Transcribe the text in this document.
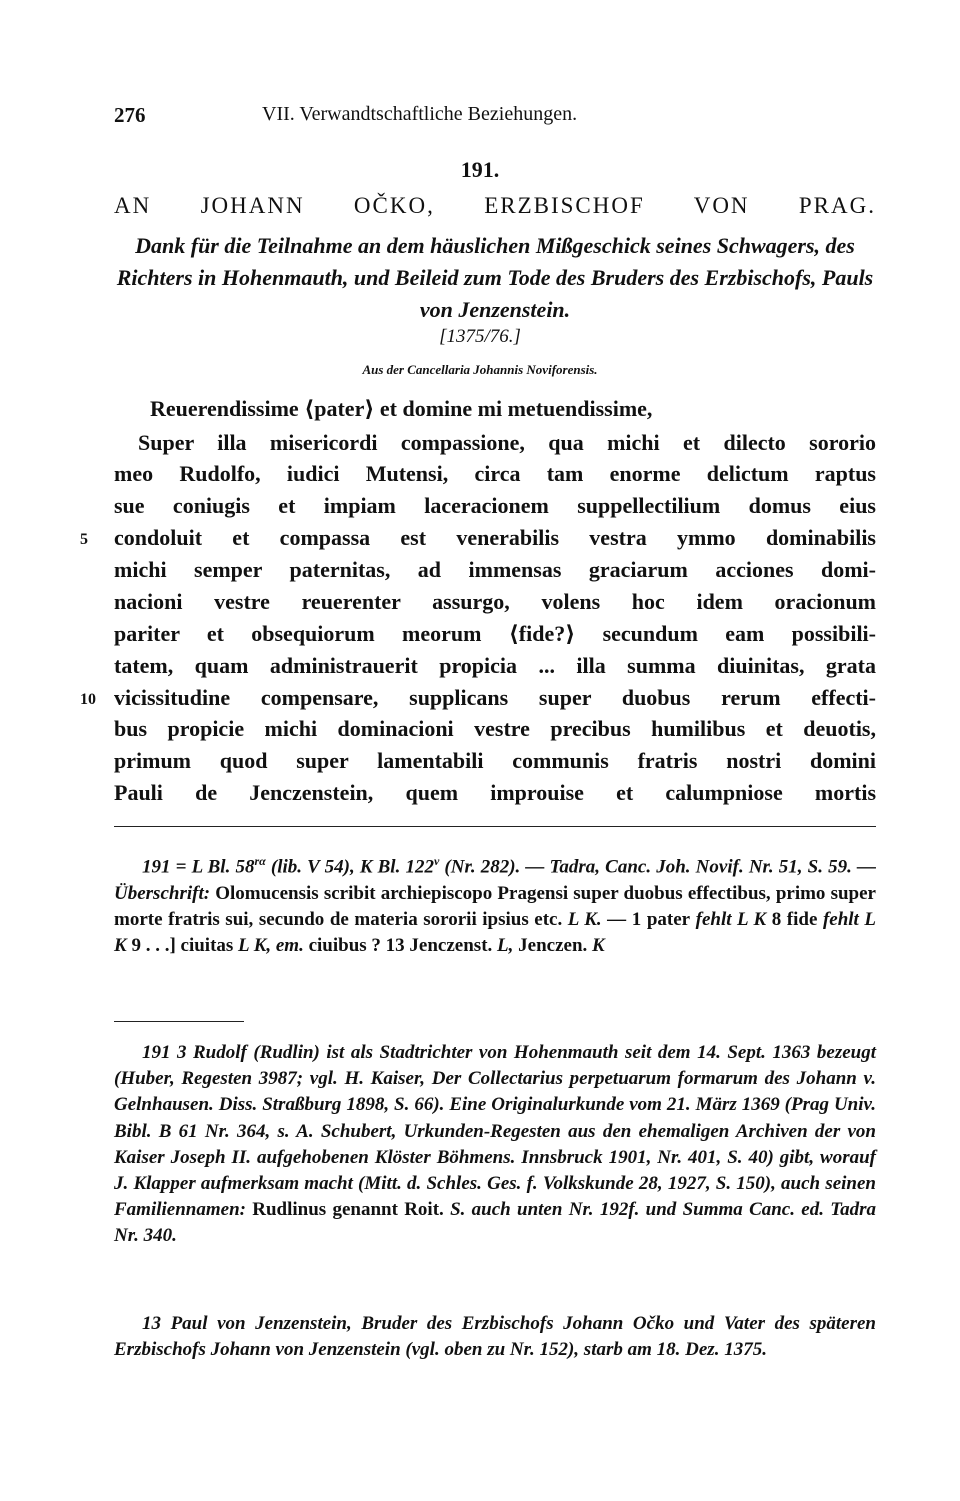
276	VII. Verwandtschaftliche Beziehungen.
191.
AN JOHANN OČKO, ERZBISCHOF VON PRAG.
Dank für die Teilnahme an dem häuslichen Mißgeschick seines Schwagers, des Richters in Hohenmauth, und Beileid zum Tode des Bruders des Erzbischofs, Pauls von Jenzenstein.
[1375/76.]
Aus der Cancellaria Johannis Noviforensis.
Reuerendissime ⟨pater⟩ et domine mi metuendissime,
Super illa misericordi compassione, qua michi et dilecto sororio
meo Rudolfo, iudici Mutensi, circa tam enorme delictum raptus
sue coniugis et impiam laceracionem suppellectilium domus eius
5 condoluit et compassa est venerabilis vestra ymmo dominabilis
michi semper paternitas, ad immensas graciarum acciones domi-
nacioni vestre reuerenter assurgo, volens hoc idem oracionum
pariter et obsequiorum meorum ⟨fide?⟩ secundum eam possibili-
tatem, quam administrauerit propicia ... illa summa diuinitas, grata
10 vicissitudine compensare, supplicans super duobus rerum effecti-
bus propicie michi dominacioni vestre precibus humilibus et deuotis,
primum quod super lamentabili communis fratris nostri domini
Pauli de Jenczenstein, quem improuise et calumpniose mortis
191 = L Bl. $58^{r\alpha}$ (lib. V 54), K Bl. 122$^v$ (Nr. 282). — Tadra, Canc. Joh. Novif. Nr. 51, S. 59. — Überschrift: Olomucensis scribit archiepiscopo Pragensi super duobus effectibus, primo super morte fratris sui, secundo de materia sororii ipsius etc. L K. — 1 pater fehlt L K 8 fide fehlt L K 9 . . .] ciuitas L K, em. ciuibus ? 13 Jenczenst. L, Jenczen. K
191 3 Rudolf (Rudlin) ist als Stadtrichter von Hohenmauth seit dem 14. Sept. 1363 bezeugt (Huber, Regesten 3987; vgl. H. Kaiser, Der Collectarius perpetuarum formarum des Johann v. Gelnhausen. Diss. Straßburg 1898, S. 66). Eine Originalurkunde vom 21. März 1369 (Prag Univ. Bibl. B 61 Nr. 364, s. A. Schubert, Urkunden-Regesten aus den ehemaligen Archiven der von Kaiser Joseph II. aufgehobenen Klöster Böhmens. Innsbruck 1901, Nr. 401, S. 40) gibt, worauf J. Klapper aufmerksam macht (Mitt. d. Schles. Ges. f. Volkskunde 28, 1927, S. 150), auch seinen Familiennamen: Rudlinus genannt Roit. S. auch unten Nr. 192f. und Summa Canc. ed. Tadra Nr. 340.
13 Paul von Jenzenstein, Bruder des Erzbischofs Johann Očko und Vater des späteren Erzbischofs Johann von Jenzenstein (vgl. oben zu Nr. 152), starb am 18. Dez. 1375.
